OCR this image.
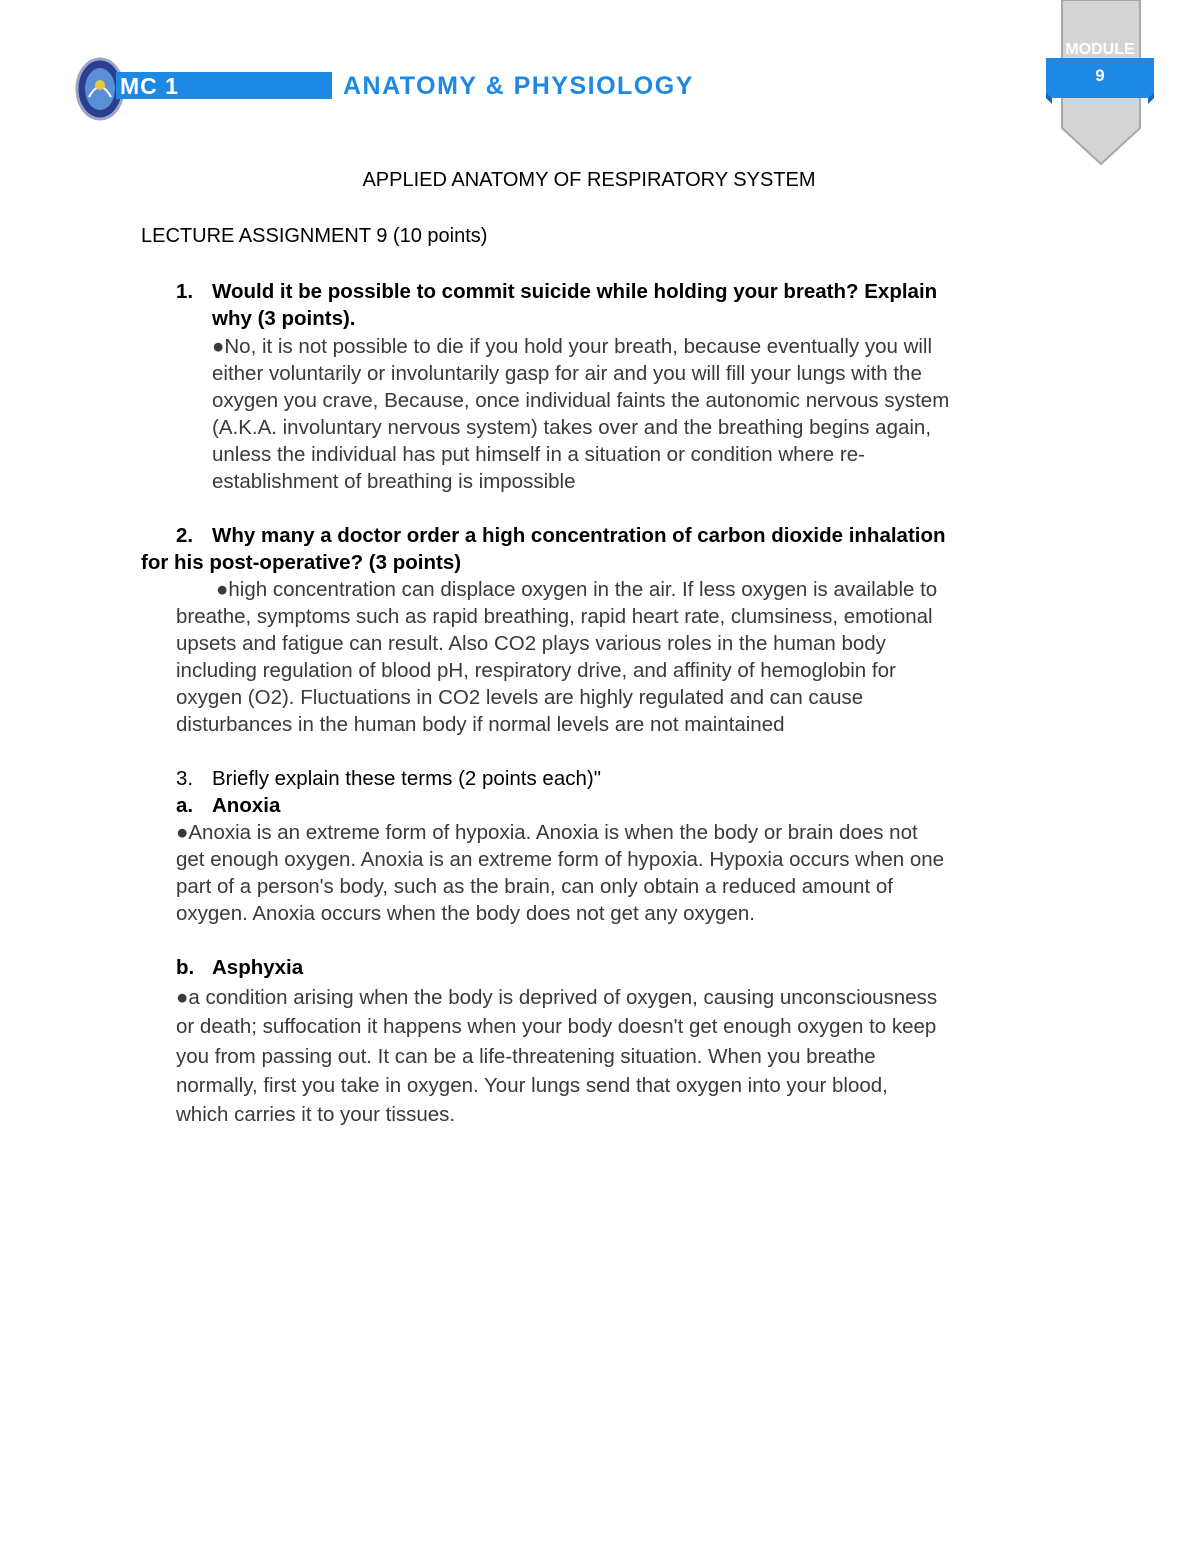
MC 1	ANATOMY & PHYSIOLOGY
MODULE
9
APPLIED ANATOMY OF RESPIRATORY SYSTEM
LECTURE ASSIGNMENT 9 (10 points)
1. Would it be possible to commit suicide while holding your breath? Explain

why (3 points).

●No, it is not possible to die if you hold your breath, because eventually you will

either voluntarily or involuntarily gasp for air and you will fill your lungs with the

oxygen you crave, Because, once individual faints the autonomic nervous system

(A.K.A. involuntary nervous system) takes over and the breathing begins again,

unless the individual has put himself in a situation or condition where re-

establishment of breathing is impossible

2. Why many a doctor order a high concentration of carbon dioxide inhalation
for his post-operative? (3 points)

●high concentration can displace oxygen in the air. If less oxygen is available to

breathe, symptoms such as rapid breathing, rapid heart rate, clumsiness, emotional

upsets and fatigue can result. Also CO2 plays various roles in the human body

including regulation of blood pH, respiratory drive, and affinity of hemoglobin for

oxygen (O2). Fluctuations in CO2 levels are highly regulated and can cause

disturbances in the human body if normal levels are not maintained

3. Briefly explain these terms (2 points each)"
a. Anoxia

●Anoxia is an extreme form of hypoxia. Anoxia is when the body or brain does not

get enough oxygen. Anoxia is an extreme form of hypoxia. Hypoxia occurs when one

part of a person's body, such as the brain, can only obtain a reduced amount of

oxygen. Anoxia occurs when the body does not get any oxygen.

b. Asphyxia

●a condition arising when the body is deprived of oxygen, causing unconsciousness

or death; suffocation it happens when your body doesn't get enough oxygen to keep

you from passing out. It can be a life-threatening situation. When you breathe

normally, first you take in oxygen. Your lungs send that oxygen into your blood,

which carries it to your tissues.
